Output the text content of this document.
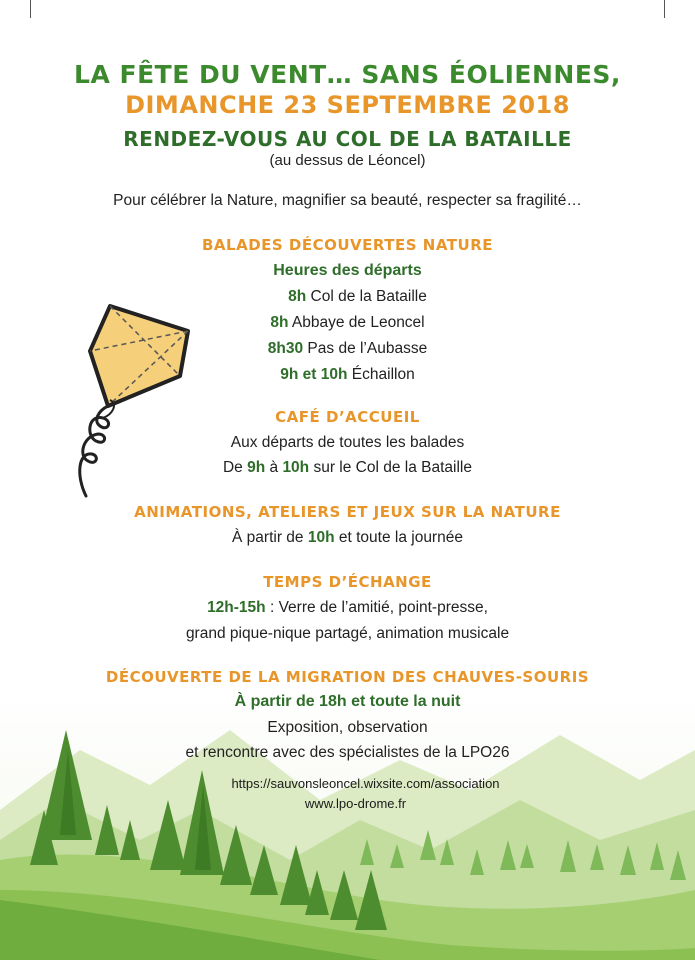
LA FÊTE DU VENT… SANS ÉOLIENNES,
DIMANCHE 23 SEPTEMBRE 2018
RENDEZ-VOUS AU COL DE LA BATAILLE
(au dessus de Léoncel)
Pour célébrer la Nature, magnifier sa beauté, respecter sa fragilité…
BALADES DÉCOUVERTES NATURE
Heures des départs
8h Col de la Bataille
8h Abbaye de Leoncel
8h30 Pas de l’Aubasse
9h et 10h Échaillon
CAFÉ D’ACCUEIL
Aux départs de toutes les balades
De 9h à 10h sur le Col de la Bataille
ANIMATIONS, ATELIERS ET JEUX SUR LA NATURE
À partir de 10h et toute la journée
TEMPS D’ÉCHANGE
12h-15h : Verre de l’amitié, point-presse,
grand pique-nique partagé, animation musicale
DÉCOUVERTE DE LA MIGRATION DES CHAUVES-SOURIS
À partir de 18h et toute la nuit
Exposition, observation
et rencontre avec des spécialistes de la LPO26
https://sauvonsleoncel.wixsite.com/association
www.lpo-drome.fr
